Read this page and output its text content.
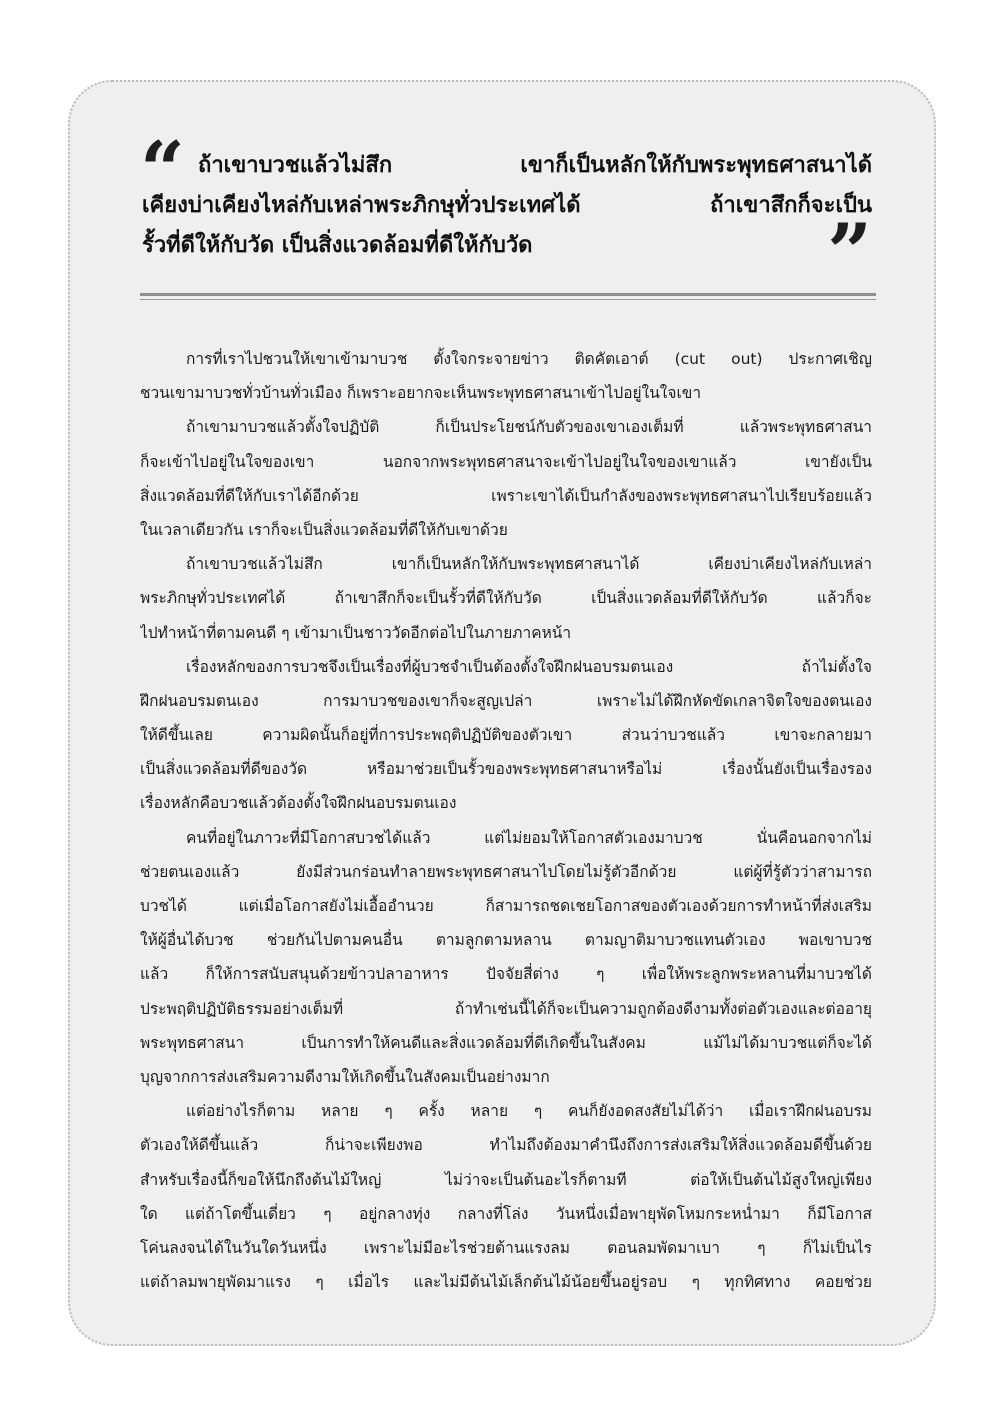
“ ถ้าเขาบวชแล้วไม่สึก เขาก็เป็นหลักให้กับพระพุทธศาสนาได้
เคียงบ่าเคียงไหล่กับเหล่าพระภิกษุทั่วประเทศได้ ถ้าเขาสึกก็จะเป็น
รั้วที่ดีให้กับวัด เป็นสิ่งแวดล้อมที่ดีให้กับวัด	”
การที่เราไปชวนให้เขาเข้ามาบวช ตั้งใจกระจายข่าว ติดคัตเอาต์ (cut out) ประกาศเชิญ
ชวนเขามาบวชทั่วบ้านทั่วเมือง ก็เพราะอยากจะเห็นพระพุทธศาสนาเข้าไปอยู่ในใจเขา
ถ้าเขามาบวชแล้วตั้งใจปฏิบัติ ก็เป็นประโยชน์กับตัวของเขาเองเต็มที่ แล้วพระพุทธศาสนา
ก็จะเข้าไปอยู่ในใจของเขา นอกจากพระพุทธศาสนาจะเข้าไปอยู่ในใจของเขาแล้ว เขายังเป็น
สิ่งแวดล้อมที่ดีให้กับเราได้อีกด้วย เพราะเขาได้เป็นกำลังของพระพุทธศาสนาไปเรียบร้อยแล้ว
ในเวลาเดียวกัน เราก็จะเป็นสิ่งแวดล้อมที่ดีให้กับเขาด้วย
ถ้าเขาบวชแล้วไม่สึก เขาก็เป็นหลักให้กับพระพุทธศาสนาได้ เคียงบ่าเคียงไหล่กับเหล่า
พระภิกษุทั่วประเทศได้ ถ้าเขาสึกก็จะเป็นรั้วที่ดีให้กับวัด เป็นสิ่งแวดล้อมที่ดีให้กับวัด แล้วก็จะ
ไปทำหน้าที่ตามคนดี ๆ เข้ามาเป็นชาววัดอีกต่อไปในภายภาคหน้า
เรื่องหลักของการบวชจึงเป็นเรื่องที่ผู้บวชจำเป็นต้องตั้งใจฝึกฝนอบรมตนเอง ถ้าไม่ตั้งใจ
ฝึกฝนอบรมตนเอง การมาบวชของเขาก็จะสูญเปล่า เพราะไม่ได้ฝึกหัดขัดเกลาจิตใจของตนเอง
ให้ดีขึ้นเลย ความผิดนั้นก็อยู่ที่การประพฤติปฏิบัติของตัวเขา ส่วนว่าบวชแล้ว เขาจะกลายมา
เป็นสิ่งแวดล้อมที่ดีของวัด หรือมาช่วยเป็นรั้วของพระพุทธศาสนาหรือไม่ เรื่องนั้นยังเป็นเรื่องรอง
เรื่องหลักคือบวชแล้วต้องตั้งใจฝึกฝนอบรมตนเอง
คนที่อยู่ในภาวะที่มีโอกาสบวชได้แล้ว แต่ไม่ยอมให้โอกาสตัวเองมาบวช นั่นคือนอกจากไม่
ช่วยตนเองแล้ว ยังมีส่วนกร่อนทำลายพระพุทธศาสนาไปโดยไม่รู้ตัวอีกด้วย แต่ผู้ที่รู้ตัวว่าสามารถ
บวชได้ แต่เมื่อโอกาสยังไม่เอื้ออำนวย ก็สามารถชดเชยโอกาสของตัวเองด้วยการทำหน้าที่ส่งเสริม
ให้ผู้อื่นได้บวช ช่วยกันไปตามคนอื่น ตามลูกตามหลาน ตามญาติมาบวชแทนตัวเอง พอเขาบวช
แล้ว ก็ให้การสนับสนุนด้วยข้าวปลาอาหาร ปัจจัยสี่ต่าง ๆ เพื่อให้พระลูกพระหลานที่มาบวชได้
ประพฤติปฏิบัติธรรมอย่างเต็มที่ ถ้าทำเช่นนี้ได้ก็จะเป็นความถูกต้องดีงามทั้งต่อตัวเองและต่ออายุ
พระพุทธศาสนา เป็นการทำให้คนดีและสิ่งแวดล้อมที่ดีเกิดขึ้นในสังคม แม้ไม่ได้มาบวชแต่ก็จะได้
บุญจากการส่งเสริมความดีงามให้เกิดขึ้นในสังคมเป็นอย่างมาก
แต่อย่างไรก็ตาม หลาย ๆ ครั้ง หลาย ๆ คนก็ยังอดสงสัยไม่ได้ว่า เมื่อเราฝึกฝนอบรม
ตัวเองให้ดีขึ้นแล้ว ก็น่าจะเพียงพอ ทำไมถึงต้องมาคำนึงถึงการส่งเสริมให้สิ่งแวดล้อมดีขึ้นด้วย
สำหรับเรื่องนี้ก็ขอให้นึกถึงต้นไม้ใหญ่ ไม่ว่าจะเป็นต้นอะไรก็ตามที ต่อให้เป็นต้นไม้สูงใหญ่เพียง
ใด แต่ถ้าโตขึ้นเดี่ยว ๆ อยู่กลางทุ่ง กลางที่โล่ง วันหนึ่งเมื่อพายุพัดโหมกระหน่ำมา ก็มีโอกาส
โค่นลงจนได้ในวันใดวันหนึ่ง เพราะไม่มีอะไรช่วยต้านแรงลม ตอนลมพัดมาเบา ๆ ก็ไม่เป็นไร
แต่ถ้าลมพายุพัดมาแรง ๆ เมื่อไร และไม่มีต้นไม้เล็กต้นไม้น้อยขึ้นอยู่รอบ ๆ ทุกทิศทาง คอยช่วย
